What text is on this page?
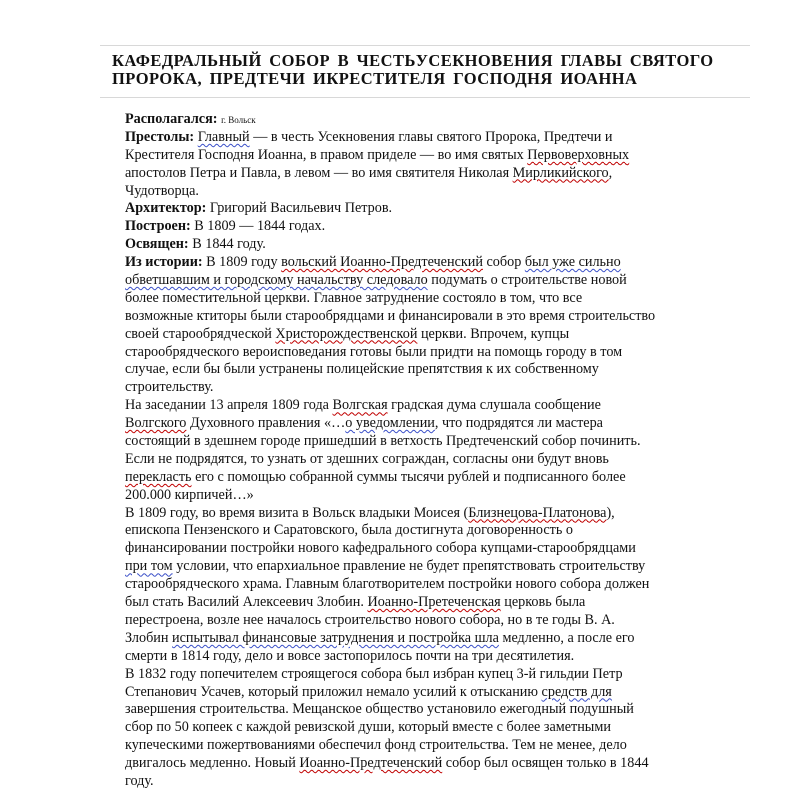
КАФЕДРАЛЬНЫЙ СОБОР В ЧЕСТЬУСЕКНОВЕНИЯ ГЛАВЫ СВЯТОГО
ПРОРОКА, ПРЕДТЕЧИ ИКРЕСТИТЕЛЯ ГОСПОДНЯ ИОАННА
Располагался: г. Вольск
Престолы: Главный — в честь Усекновения главы святого Пророка, Предтечи и
Крестителя Господня Иоанна, в правом приделе — во имя святых Первоверховных
апостолов Петра и Павла, в левом — во имя святителя Николая Мирликийского,
Чудотворца.
Архитектор: Григорий Васильевич Петров.
Построен: В 1809 — 1844 годах.
Освящен: В 1844 году.
Из истории: В 1809 году вольский Иоанно-Предтеченский собор был уже сильно
обветшавшим и городскому начальству следовало подумать о строительстве новой
более поместительной церкви. Главное затруднение состояло в том, что все
возможные ктиторы были старообрядцами и финансировали в это время строительство
своей старообрядческой Христорождественской церкви. Впрочем, купцы
старообрядческого вероисповедания готовы были придти на помощь городу в том
случае, если бы были устранены полицейские препятствия к их собственному
строительству.
На заседании 13 апреля 1809 года Волгская градская дума слушала сообщение
Волгского Духовного правления «…о уведомлении, что подрядятся ли мастера
состоящий в здешнем городе пришедший в ветхость Предтеченский собор починить.
Если не подрядятся, то узнать от здешних сограждан, согласны они будут вновь
переклаcть его с помощью собранной суммы тысячи рублей и подписанного более
200.000 кирпичей…»
В 1809 году, во время визита в Вольск владыки Моисея (Близнецова-Платонова),
епископа Пензенского и Саратовского, была достигнута договоренность о
финансировании постройки нового кафедрального собора купцами-старообрядцами
при том условии, что епархиальное правление не будет препятствовать строительству
старообрядческого храма. Главным благотворителем постройки нового собора должен
был стать Василий Алексеевич Злобин. Иоанно-Претеченская церковь была
перестроена, возле нее началось строительство нового собора, но в те годы В. А.
Злобин испытывал финансовые затруднения и постройка шла медленно, а после его
смерти в 1814 году, дело и вовсе застопорилось почти на три десятилетия.
В 1832 году попечителем строящегося собора был избран купец 3-й гильдии Петр
Степанович Усачев, который приложил немало усилий к отысканию средств для
завершения строительства. Мещанское общество установило ежегодный подушный
сбор по 50 копеек с каждой ревизской души, который вместе с более заметными
купеческими пожертвованиями обеспечил фонд строительства. Тем не менее, дело
двигалось медленно. Новый Иоанно-Предтеченский собор был освящен только в 1844
году.
